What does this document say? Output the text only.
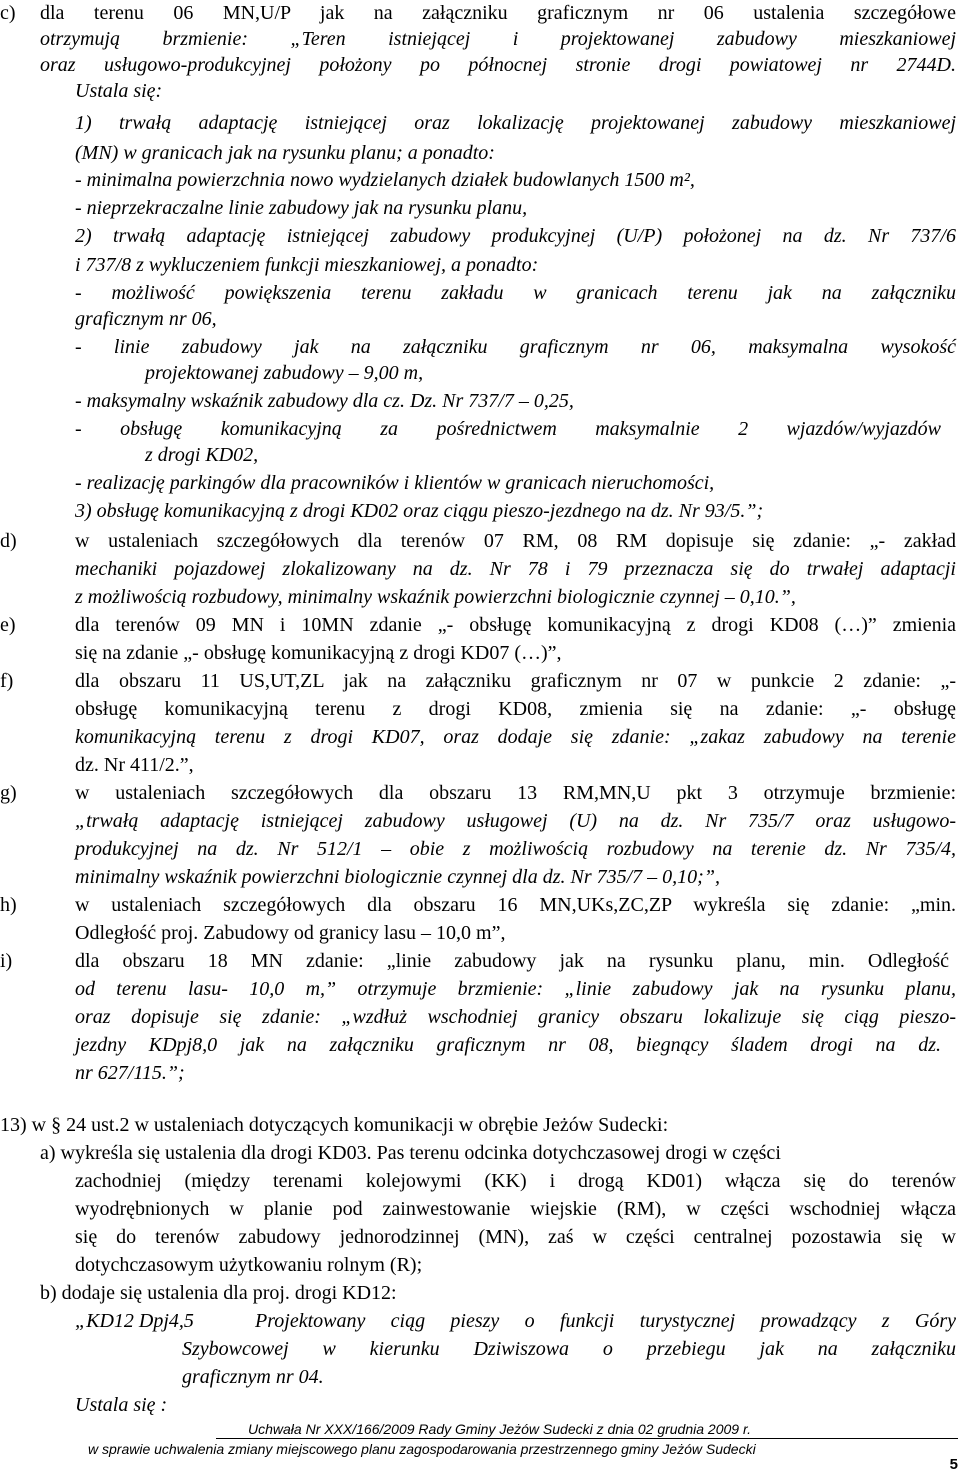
c) dla terenu 06 MN,U/P jak na załączniku graficznym nr 06 ustalenia szczegółowe
otrzymują brzmienie: „Teren istniejącej i projektowanej zabudowy mieszkaniowej
oraz usługowo-produkcyjnej położony po północnej stronie drogi powiatowej nr 2744D.
Ustala się:
1) trwałą adaptację istniejącej oraz lokalizację projektowanej zabudowy mieszkaniowej
(MN) w granicach jak na rysunku planu; a ponadto:
- minimalna powierzchnia nowo wydzielanych działek budowlanych 1500 m²,
- nieprzekraczalne linie zabudowy jak na rysunku planu,
2) trwałą adaptację istniejącej zabudowy produkcyjnej (U/P) położonej na dz. Nr 737/6
i 737/8 z wykluczeniem funkcji mieszkaniowej, a ponadto:
- możliwość powiększenia terenu zakładu w granicach terenu jak na załączniku
graficznym nr 06,
- linie zabudowy jak na załączniku graficznym nr 06, maksymalna wysokość
projektowanej zabudowy – 9,00 m,
- maksymalny wskaźnik zabudowy dla cz. Dz. Nr 737/7 – 0,25,
- obsługę komunikacyjną za pośrednictwem maksymalnie 2 wjazdów/wyjazdów
z drogi KD02,
- realizację parkingów dla pracowników i klientów w granicach nieruchomości,
3) obsługę komunikacyjną z drogi KD02 oraz ciągu pieszo-jezdnego na dz. Nr 93/5.”;
d)	w ustaleniach szczegółowych dla terenów 07 RM, 08 RM dopisuje się zdanie: „- zakład
mechaniki pojazdowej zlokalizowany na dz. Nr 78 i 79 przeznacza się do trwałej adaptacji
z możliwością rozbudowy, minimalny wskaźnik powierzchni biologicznie czynnej – 0,10.”,
e)	dla terenów 09 MN i 10MN zdanie „- obsługę komunikacyjną z drogi KD08 (…)” zmienia
się na zdanie „- obsługę komunikacyjną z drogi KD07 (…)”,
f)	dla obszaru 11 US,UT,ZL jak na załączniku graficznym nr 07 w punkcie 2 zdanie: „-
obsługę komunikacyjną terenu z drogi KD08, zmienia się na zdanie: „- obsługę
komunikacyjną terenu z drogi KD07, oraz dodaje się zdanie: „zakaz zabudowy na terenie
dz. Nr 411/2.”,
g)	w ustaleniach szczegółowych dla obszaru 13 RM,MN,U pkt 3 otrzymuje brzmienie:
„trwałą adaptację istniejącej zabudowy usługowej (U) na dz. Nr 735/7 oraz usługowo-
produkcyjnej na dz. Nr 512/1 – obie z możliwością rozbudowy na terenie dz. Nr 735/4,
minimalny wskaźnik powierzchni biologicznie czynnej dla dz. Nr 735/7 – 0,10;”,
h)	w ustaleniach szczegółowych dla obszaru 16 MN,UKs,ZC,ZP wykreśla się zdanie: „min.
Odległość proj. Zabudowy od granicy lasu – 10,0 m”,
i)	dla obszaru 18 MN zdanie: „linie zabudowy jak na rysunku planu, min. Odległość
od terenu lasu- 10,0 m,” otrzymuje brzmienie: „linie zabudowy jak na rysunku planu,
oraz dopisuje się zdanie: „wzdłuż wschodniej granicy obszaru lokalizuje się ciąg pieszo-
jezdny KDpj8,0 jak na załączniku graficznym nr 08, biegnący śladem drogi na dz.
nr 627/115.”;
13) w § 24 ust.2 w ustaleniach dotyczących komunikacji w obrębie Jeżów Sudecki:
a) wykreśla się ustalenia dla drogi KD03. Pas terenu odcinka dotychczasowej drogi w części
zachodniej (między terenami kolejowymi (KK) i drogą KD01) włącza się do terenów
wyodrębnionych w planie pod zainwestowanie wiejskie (RM), w części wschodniej włącza
się do terenów zabudowy jednorodzinnej (MN), zaś w części centralnej pozostawia się w
dotychczasowym użytkowaniu rolnym (R);
b) dodaje się ustalenia dla proj. drogi KD12:
„KD12 Dpj4,5	Projektowany ciąg pieszy o funkcji turystycznej prowadzący z Góry
Szybowcowej w kierunku Dziwiszowa o przebiegu jak na załączniku
graficznym nr 04.
Ustala się :
Uchwała Nr XXX/166/2009 Rady Gminy Jeżów Sudecki z dnia 02 grudnia 2009 r.
w sprawie uchwalenia zmiany miejscowego planu zagospodarowania przestrzennego gminy Jeżów Sudecki
5
